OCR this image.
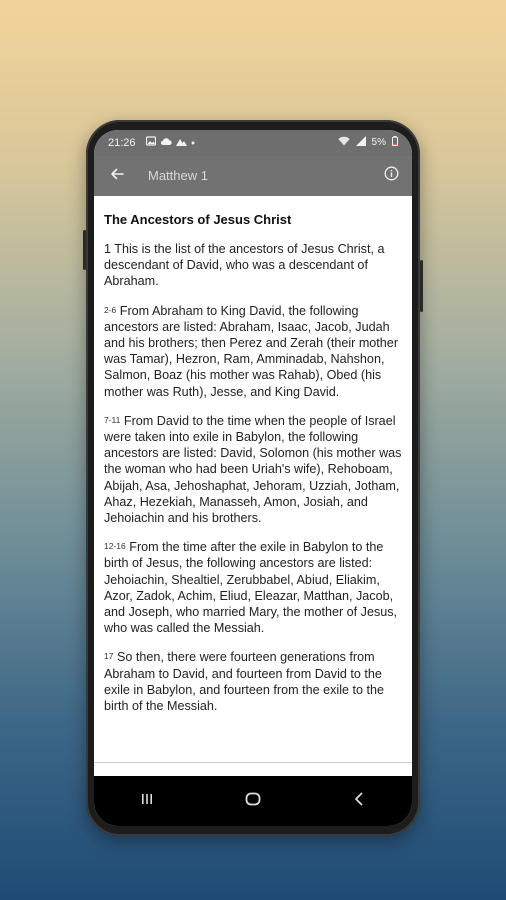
21:26	5%
Matthew 1
The Ancestors of Jesus Christ

1 This is the list of the ancestors of Jesus Christ, a descendant of David, who was a descendant of Abraham.

$^{2-6}$ From Abraham to King David, the following ancestors are listed: Abraham, Isaac, Jacob, Judah and his brothers; then Perez and Zerah (their mother was Tamar), Hezron, Ram, Amminadab, Nahshon, Salmon, Boaz (his mother was Rahab), Obed (his mother was Ruth), Jesse, and King David.

$^{7-11}$ From David to the time when the people of Israel were taken into exile in Babylon, the following ancestors are listed: David, Solomon (his mother was the woman who had been Uriah's wife), Rehoboam, Abijah, Asa, Jehoshaphat, Jehoram, Uzziah, Jotham, Ahaz, Hezekiah, Manasseh, Amon, Josiah, and Jehoiachin and his brothers.

$^{12-16}$ From the time after the exile in Babylon to the birth of Jesus, the following ancestors are listed: Jehoiachin, Shealtiel, Zerubbabel, Abiud, Eliakim, Azor, Zadok, Achim, Eliud, Eleazar, Matthan, Jacob, and Joseph, who married Mary, the mother of Jesus, who was called the Messiah.

$^{17}$ So then, there were fourteen generations from Abraham to David, and fourteen from David to the exile in Babylon, and fourteen from the exile to the birth of the Messiah.
